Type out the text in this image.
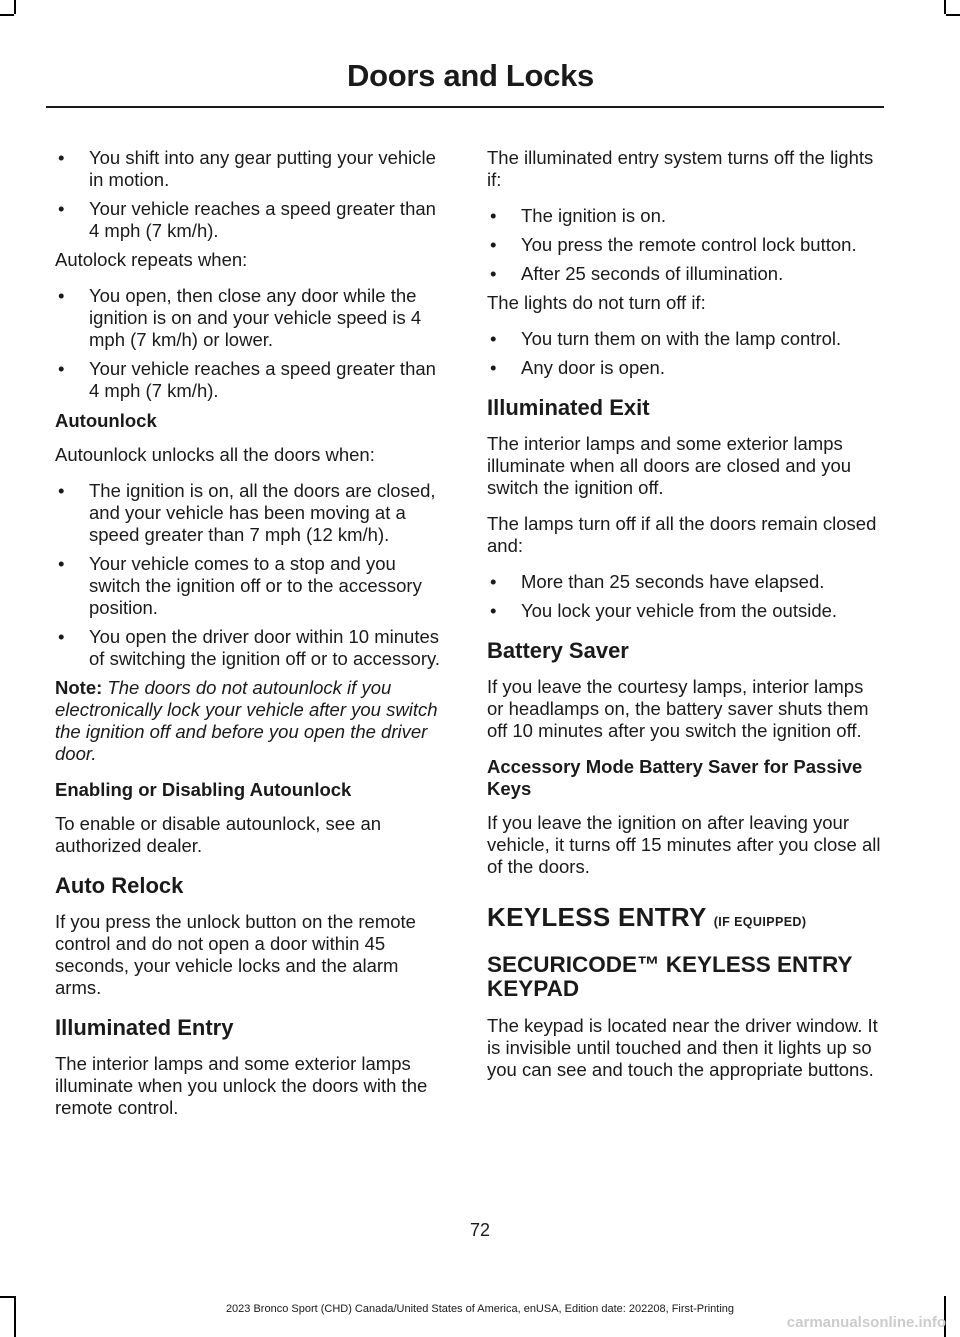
Doors and Locks
• You shift into any gear putting your vehicle in motion.
• Your vehicle reaches a speed greater than 4 mph (7 km/h).

Autolock repeats when:

• You open, then close any door while the ignition is on and your vehicle speed is 4 mph (7 km/h) or lower.
• Your vehicle reaches a speed greater than 4 mph (7 km/h).
Autounlock

Autounlock unlocks all the doors when:

• The ignition is on, all the doors are closed, and your vehicle has been moving at a speed greater than 7 mph (12 km/h).
• Your vehicle comes to a stop and you switch the ignition off or to the accessory position.
• You open the driver door within 10 minutes of switching the ignition off or to accessory.

Note: The doors do not autounlock if you electronically lock your vehicle after you switch the ignition off and before you open the driver door.

Enabling or Disabling Autounlock

To enable or disable autounlock, see an authorized dealer.

Auto Relock

If you press the unlock button on the remote control and do not open a door within 45 seconds, your vehicle locks and the alarm arms.

Illuminated Entry

The interior lamps and some exterior lamps illuminate when you unlock the doors with the remote control.

The illuminated entry system turns off the lights if:

• The ignition is on.
• You press the remote control lock button.
• After 25 seconds of illumination.

The lights do not turn off if:

• You turn them on with the lamp control.
• Any door is open.
Illuminated Exit

The interior lamps and some exterior lamps illuminate when all doors are closed and you switch the ignition off.

The lamps turn off if all the doors remain closed and:

• More than 25 seconds have elapsed.
• You lock your vehicle from the outside.
Battery Saver

If you leave the courtesy lamps, interior lamps or headlamps on, the battery saver shuts them off 10 minutes after you switch the ignition off.

Accessory Mode Battery Saver for Passive Keys

If you leave the ignition on after leaving your vehicle, it turns off 15 minutes after you close all of the doors.

KEYLESS ENTRY (IF EQUIPPED)
SECURICODE™ KEYLESS ENTRY KEYPAD

The keypad is located near the driver window. It is invisible until touched and then it lights up so you can see and touch the appropriate buttons.

72
2023 Bronco Sport (CHD) Canada/United States of America, enUSA, Edition date: 202208, First-Printing
carmanualsonline.info
